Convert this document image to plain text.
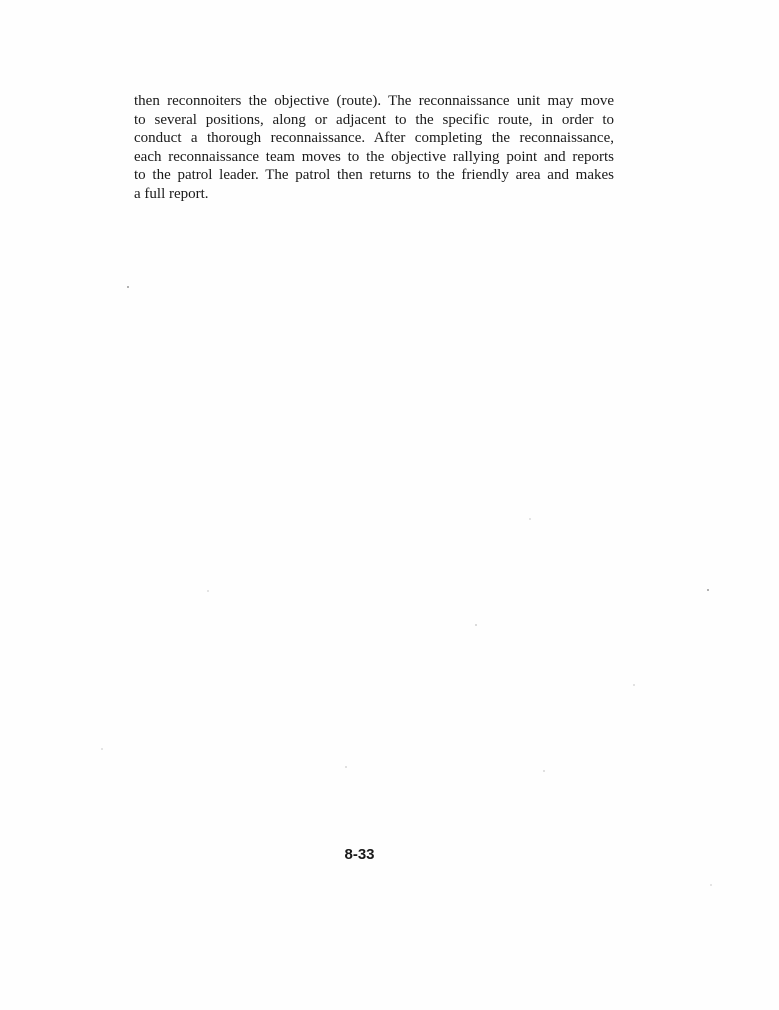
then reconnoiters the objective (route). The reconnaissance unit may move
to several positions, along or adjacent to the specific route, in order to
conduct a thorough reconnaissance. After completing the reconnaissance,
each reconnaissance team moves to the objective rallying point and reports
to the patrol leader. The patrol then returns to the friendly area and makes
a full report.

8-33
